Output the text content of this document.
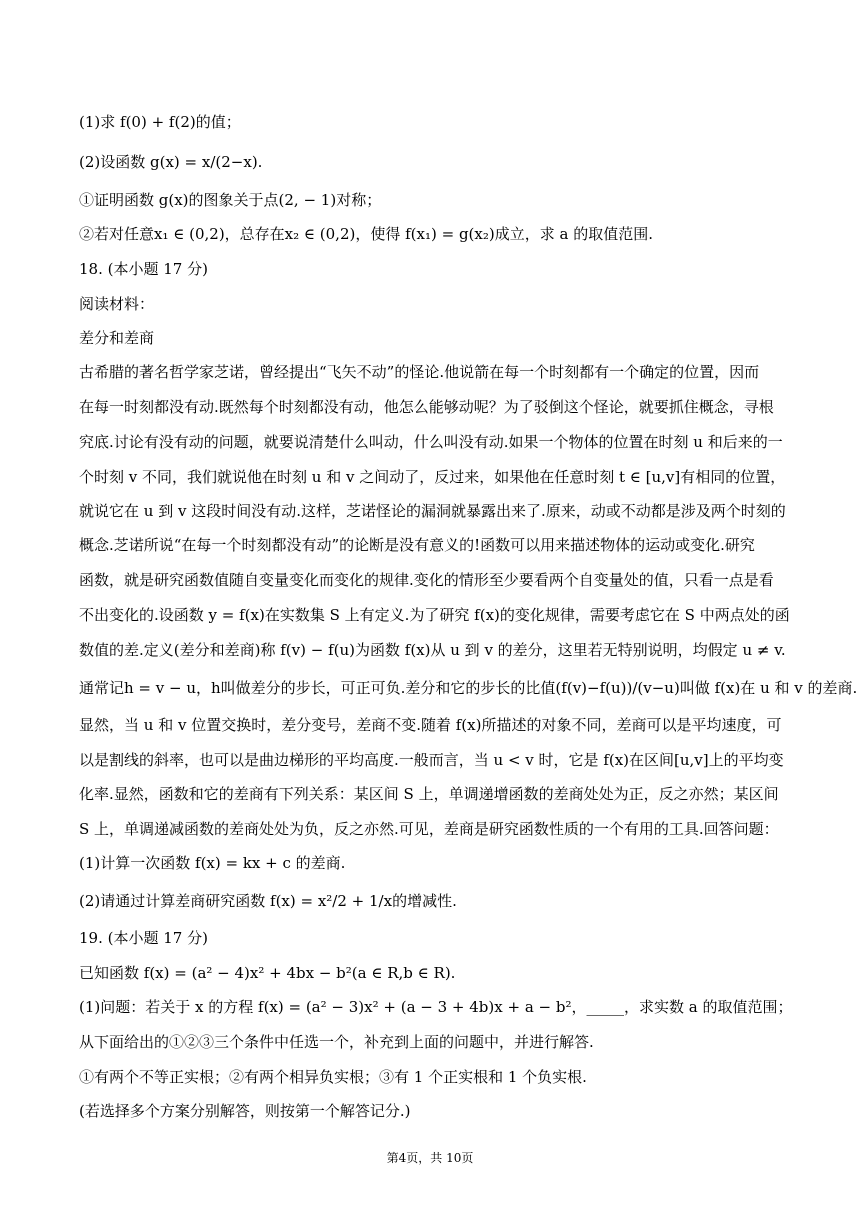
(1)求 f(0) + f(2)的值；
(2)设函数 g(x) = x/(2−x).
①证明函数 g(x)的图象关于点(2, − 1)对称；
②若对任意x₁ ∈ (0,2)，总存在x₂ ∈ (0,2)，使得 f(x₁) = g(x₂)成立，求 a 的取值范围.
18. (本小题 17 分)
阅读材料：
差分和差商
古希腊的著名哲学家芝诺，曾经提出“飞矢不动”的怪论.他说箭在每一个时刻都有一个确定的位置，因而
在每一时刻都没有动.既然每个时刻都没有动，他怎么能够动呢？为了驳倒这个怪论，就要抓住概念，寻根
究底.讨论有没有动的问题，就要说清楚什么叫动，什么叫没有动.如果一个物体的位置在时刻 u 和后来的一
个时刻 v 不同，我们就说他在时刻 u 和 v 之间动了，反过来，如果他在任意时刻 t ∈ [u,v]有相同的位置，
就说它在 u 到 v 这段时间没有动.这样，芝诺怪论的漏洞就暴露出来了.原来，动或不动都是涉及两个时刻的
概念.芝诺所说“在每一个时刻都没有动”的论断是没有意义的!函数可以用来描述物体的运动或变化.研究
函数，就是研究函数值随自变量变化而变化的规律.变化的情形至少要看两个自变量处的值，只看一点是看
不出变化的.设函数 y = f(x)在实数集 S 上有定义.为了研究 f(x)的变化规律，需要考虑它在 S 中两点处的函
数值的差.定义(差分和差商)称 f(v) − f(u)为函数 f(x)从 u 到 v 的差分，这里若无特别说明，均假定 u ≠ v.
通常记h = v − u，h叫做差分的步长，可正可负.差分和它的步长的比值(f(v)−f(u))/(v−u)叫做 f(x)在 u 和 v 的差商.
显然，当 u 和 v 位置交换时，差分变号，差商不变.随着 f(x)所描述的对象不同，差商可以是平均速度，可
以是割线的斜率，也可以是曲边梯形的平均高度.一般而言，当 u < v 时，它是 f(x)在区间[u,v]上的平均变
化率.显然，函数和它的差商有下列关系：某区间 S 上，单调递增函数的差商处处为正，反之亦然；某区间
S 上，单调递减函数的差商处处为负，反之亦然.可见，差商是研究函数性质的一个有用的工具.回答问题：
(1)计算一次函数 f(x) = kx + c 的差商.
(2)请通过计算差商研究函数 f(x) = x²/2 + 1/x的增减性.
19. (本小题 17 分)
已知函数 f(x) = (a² − 4)x² + 4bx − b²(a ∈ R,b ∈ R).
(1)问题：若关于 x 的方程 f(x) = (a² − 3)x² + (a − 3 + 4b)x + a − b²，_____，求实数 a 的取值范围；
从下面给出的①②③三个条件中任选一个，补充到上面的问题中，并进行解答.
①有两个不等正实根；②有两个相异负实根；③有 1 个正实根和 1 个负实根.
(若选择多个方案分别解答，则按第一个解答记分.)
第4页，共 10页
